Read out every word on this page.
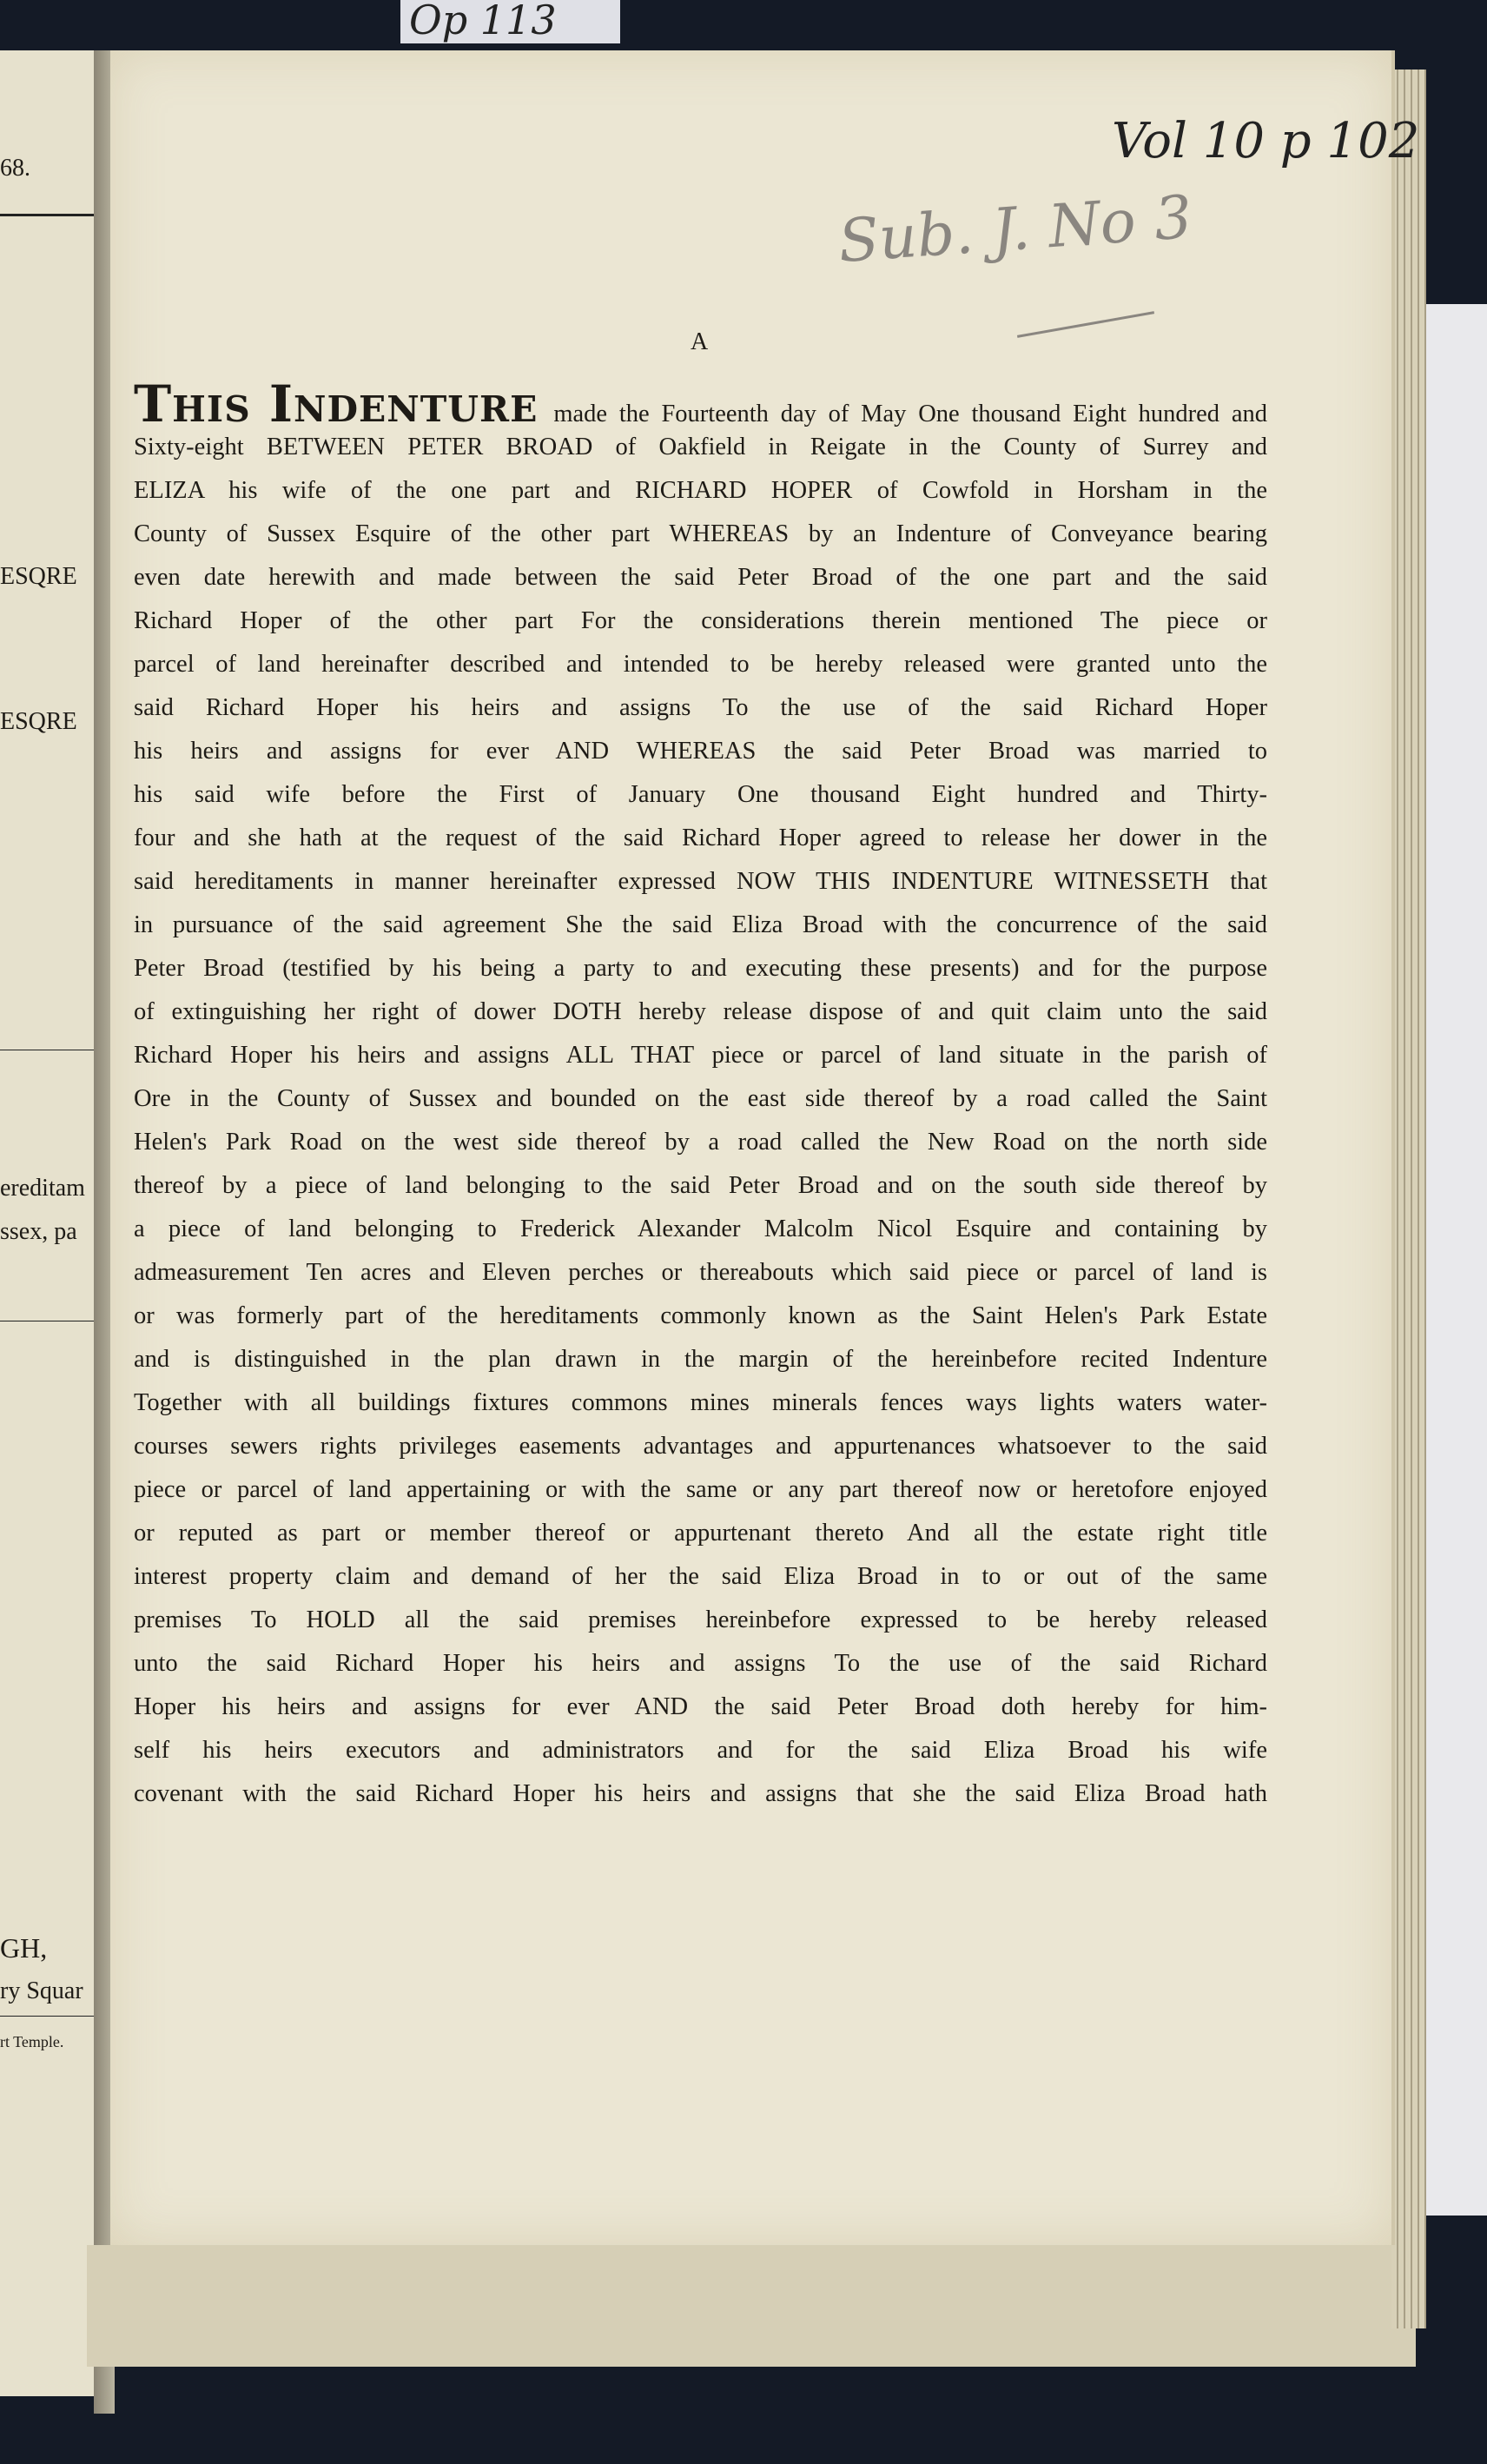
Op 113
68.
ESQRE
ESQRE
ereditam
ssex, pa
GH,
ry Squar
rt Temple.
Vol 10 p 102
Sub. J. No 3
A
This Indenture made the Fourteenth day of May One thousand Eight hundred and
Sixty-eight BETWEEN PETER BROAD of Oakfield in Reigate in the County of Surrey and
ELIZA his wife of the one part and RICHARD HOPER of Cowfold in Horsham in the
County of Sussex Esquire of the other part WHEREAS by an Indenture of Conveyance bearing
even date herewith and made between the said Peter Broad of the one part and the said
Richard Hoper of the other part For the considerations therein mentioned The piece or
parcel of land hereinafter described and intended to be hereby released were granted unto the
said Richard Hoper his heirs and assigns To the use of the said Richard Hoper
his heirs and assigns for ever AND WHEREAS the said Peter Broad was married to
his said wife before the First of January One thousand Eight hundred and Thirty-
four and she hath at the request of the said Richard Hoper agreed to release her dower in the
said hereditaments in manner hereinafter expressed NOW THIS INDENTURE WITNESSETH that
in pursuance of the said agreement She the said Eliza Broad with the concurrence of the said
Peter Broad (testified by his being a party to and executing these presents) and for the purpose
of extinguishing her right of dower DOTH hereby release dispose of and quit claim unto the said
Richard Hoper his heirs and assigns ALL THAT piece or parcel of land situate in the parish of
Ore in the County of Sussex and bounded on the east side thereof by a road called the Saint
Helen's Park Road on the west side thereof by a road called the New Road on the north side
thereof by a piece of land belonging to the said Peter Broad and on the south side thereof by
a piece of land belonging to Frederick Alexander Malcolm Nicol Esquire and containing by
admeasurement Ten acres and Eleven perches or thereabouts which said piece or parcel of land is
or was formerly part of the hereditaments commonly known as the Saint Helen's Park Estate
and is distinguished in the plan drawn in the margin of the hereinbefore recited Indenture
Together with all buildings fixtures commons mines minerals fences ways lights waters water-
courses sewers rights privileges easements advantages and appurtenances whatsoever to the said
piece or parcel of land appertaining or with the same or any part thereof now or heretofore enjoyed
or reputed as part or member thereof or appurtenant thereto And all the estate right title
interest property claim and demand of her the said Eliza Broad in to or out of the same
premises To HOLD all the said premises hereinbefore expressed to be hereby released
unto the said Richard Hoper his heirs and assigns To the use of the said Richard
Hoper his heirs and assigns for ever AND the said Peter Broad doth hereby for him-
self his heirs executors and administrators and for the said Eliza Broad his wife
covenant with the said Richard Hoper his heirs and assigns that she the said Eliza Broad hath
